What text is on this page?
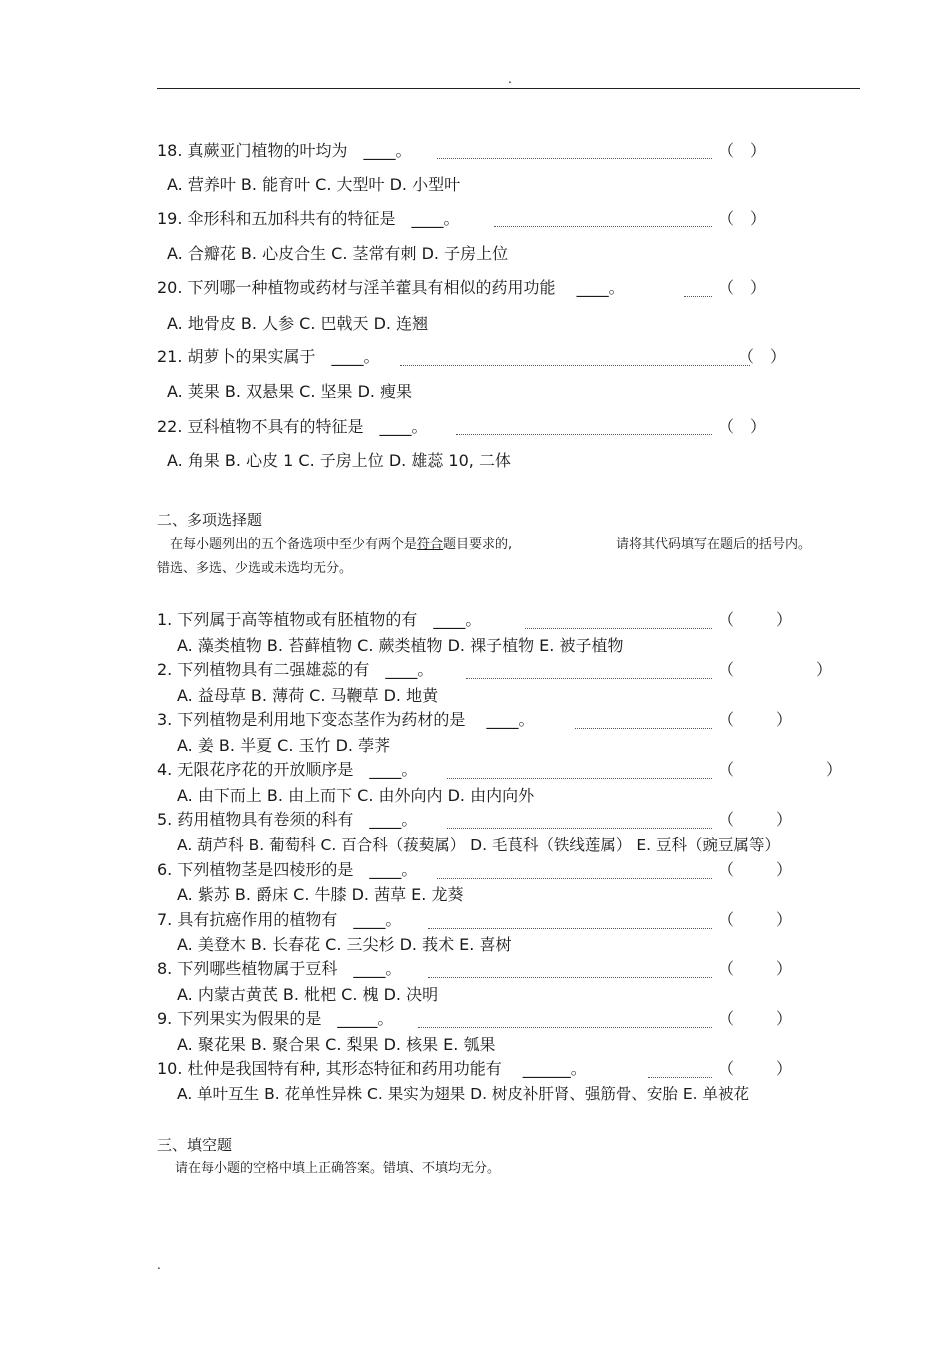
.
18. 真蕨亚门植物的叶均为　____。	（　）
A. 营养叶 B. 能育叶 C. 大型叶 D. 小型叶
19. 伞形科和五加科共有的特征是　____。	（　）
A. 合瓣花 B. 心皮合生 C. 茎常有刺 D. 子房上位
20. 下列哪一种植物或药材与淫羊藿具有相似的药用功能　 ____。	（　）
A. 地骨皮 B. 人参 C. 巴戟天 D. 连翘
21. 胡萝卜的果实属于　____。	（　）
A. 荚果 B. 双悬果 C. 坚果 D. 瘦果
22. 豆科植物不具有的特征是　____。	（　）
A. 角果 B. 心皮 1 C. 子房上位 D. 雄蕊 10, 二体
二、多项选择题
在每小题列出的五个备选项中至少有两个是符合题目要求的,	请将其代码填写在题后的括号内。
错选、多选、少选或未选均无分。
1. 下列属于高等植物或有胚植物的有　____。	（	）
A. 藻类植物 B. 苔藓植物 C. 蕨类植物 D. 裸子植物 E. 被子植物
2. 下列植物具有二强雄蕊的有　____。	（	）
A. 益母草 B. 薄荷 C. 马鞭草 D. 地黄
3. 下列植物是利用地下变态茎作为药材的是　 ____。	（	）
A. 姜 B. 半夏 C. 玉竹 D. 荸荠
4. 无限花序花的开放顺序是　____。	（	）
A. 由下而上 B. 由上而下 C. 由外向内 D. 由内向外
5. 药用植物具有卷须的科有　____。	（	）
A. 葫芦科 B. 葡萄科 C. 百合科（菝葜属） D. 毛茛科（铁线莲属） E. 豆科（豌豆属等）
6. 下列植物茎是四棱形的是　____。	（	）
A. 紫苏 B. 爵床 C. 牛膝 D. 茜草 E. 龙葵
7. 具有抗癌作用的植物有　____。	（	）
A. 美登木 B. 长春花 C. 三尖杉 D. 莪术 E. 喜树
8. 下列哪些植物属于豆科　____。	（	）
A. 内蒙古黄芪 B. 枇杷 C. 槐 D. 决明
9. 下列果实为假果的是　_____。	（	）
A. 聚花果 B. 聚合果 C. 梨果 D. 核果 E. 瓠果
10. 杜仲是我国特有种, 其形态特征和药用功能有　 ______。	（	）
A. 单叶互生 B. 花单性异株 C. 果实为翅果 D. 树皮补肝肾、强筋骨、安胎 E. 单被花
三、填空题
请在每小题的空格中填上正确答案。错填、不填均无分。
.
